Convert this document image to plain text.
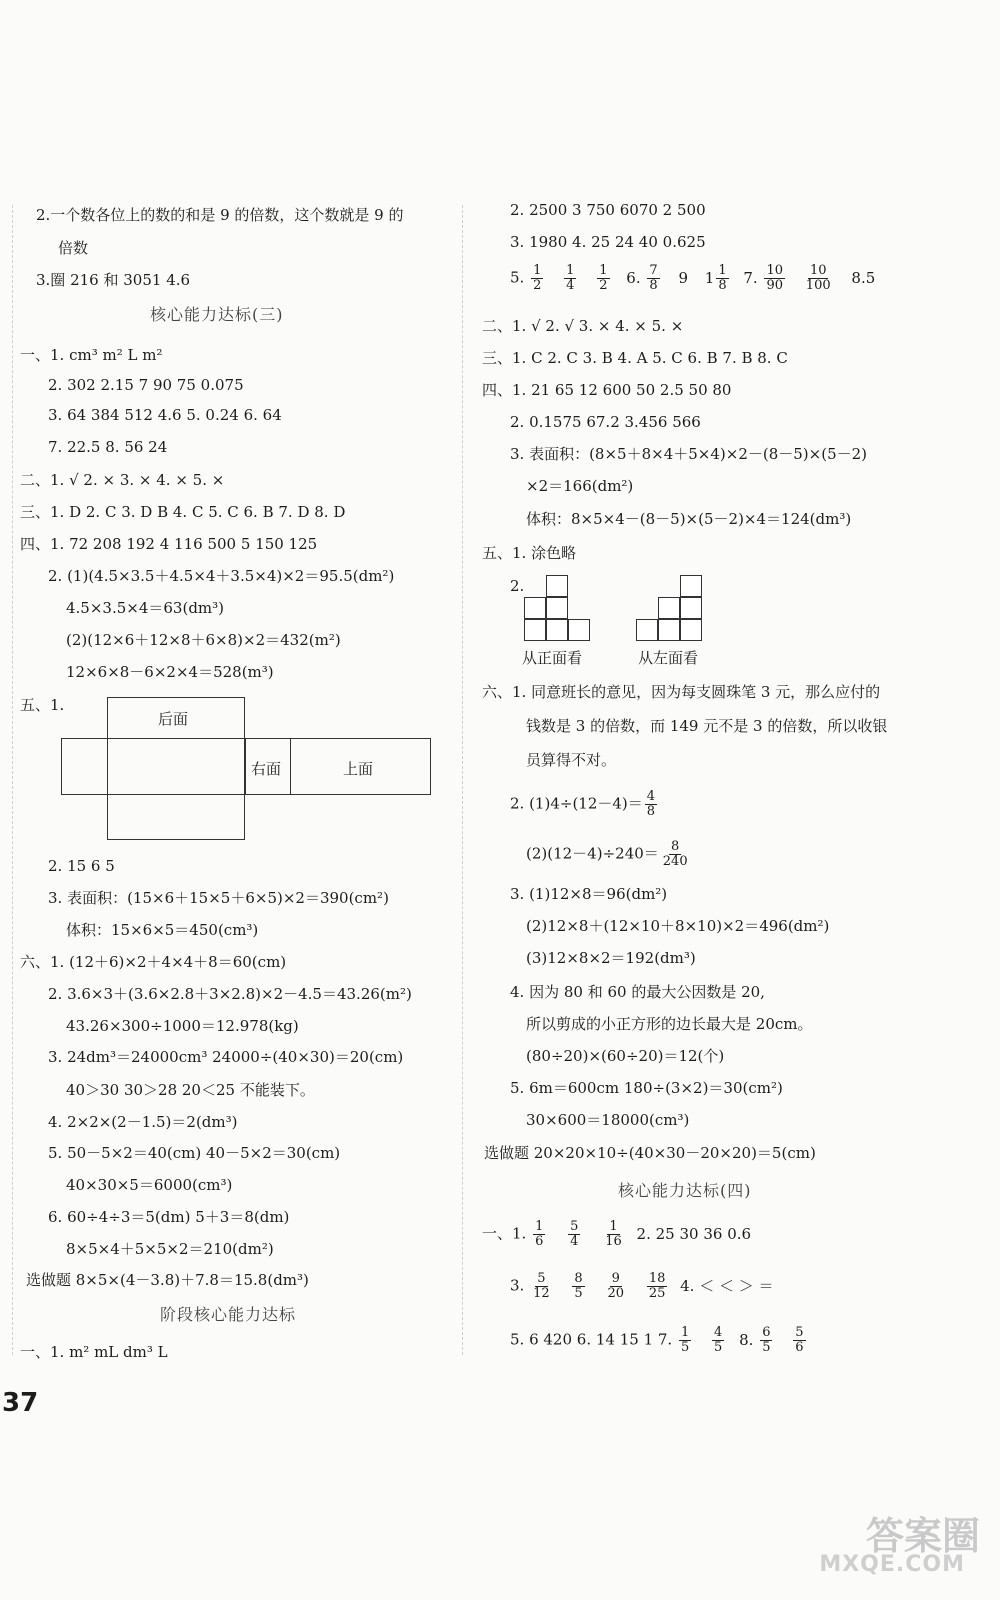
2.一个数各位上的数的和是 9 的倍数，这个数就是 9 的
倍数
3.圈 216 和 3051 4.6
核心能力达标(三)
一、1. cm³ m² L m²
2. 302 2.15 7 90 75 0.075
3. 64 384 512 4.6 5. 0.24 6. 64
7. 22.5 8. 56 24
二、1. √ 2. × 3. × 4. × 5. ×
三、1. D 2. C 3. D B 4. C 5. C 6. B 7. D 8. D
四、1. 72 208 192 4 116 500 5 150 125
2. (1)(4.5×3.5＋4.5×4＋3.5×4)×2＝95.5(dm²)
4.5×3.5×4＝63(dm³)
(2)(12×6＋12×8＋6×8)×2＝432(m²)
12×6×8－6×2×4＝528(m³)
五、1.
后面
右面	上面
2. 15 6 5
3. 表面积：(15×6＋15×5＋6×5)×2＝390(cm²)
体积：15×6×5＝450(cm³)
六、1. (12＋6)×2＋4×4＋8＝60(cm)
2. 3.6×3＋(3.6×2.8＋3×2.8)×2－4.5＝43.26(m²)
43.26×300÷1000＝12.978(kg)
3. 24dm³＝24000cm³ 24000÷(40×30)＝20(cm)
40＞30 30＞28 20＜25 不能装下。
4. 2×2×(2－1.5)＝2(dm³)
5. 50－5×2＝40(cm) 40－5×2＝30(cm)
40×30×5＝6000(cm³)
6. 60÷4÷3＝5(dm) 5＋3＝8(dm)
8×5×4＋5×5×2＝210(dm²)
选做题 8×5×(4－3.8)＋7.8＝15.8(dm³)
阶段核心能力达标
一、1. m² mL dm³ L
37
2. 2500 3 750 6070 2 500
3. 1980 4. 25 24 40 0.625
5. $\frac{1}{2}$
$\frac{1}{4}$
$\frac{1}{2} 6$. $\frac{7}{8} 9$ $1 \frac{1}{8} 7$. $\frac{10}{90}$
$\frac{10}{100} 8.5$
二、1. √ 2. √ 3. × 4. × 5. ×
三、1. C 2. C 3. B 4. A 5. C 6. B 7. B 8. C
四、1. 21 65 12 600 50 2.5 50 80
2. 0.1575 67.2 3.456 566
3. 表面积：(8×5＋8×4＋5×4)×2－(8－5)×(5－2)
×2＝166(dm²)
体积：8×5×4－(8－5)×(5－2)×4＝124(dm³)
五、1. 涂色略
2.
从正面看	从左面看
六、1. 同意班长的意见，因为每支圆珠笔 3 元，那么应付的
钱数是 3 的倍数，而 149 元不是 3 的倍数，所以收银
员算得不对。
2. $(1)4\div(12-4)= \frac{4}{8}$
$(2)(12-4)\div 240= \frac{8}{240}$
3. (1)12×8＝96(dm²)
(2)12×8＋(12×10＋8×10)×2＝496(dm²)
(3)12×8×2＝192(dm³)
4. 因为 80 和 60 的最大公因数是 20,
所以剪成的小正方形的边长最大是 20cm。
(80÷20)×(60÷20)＝12(个)
5. 6m＝600cm 180÷(3×2)＝30(cm²)
30×600＝18000(cm³)
选做题 20×20×10÷(40×30－20×20)＝5(cm)
核心能力达标(四)
一、1. $\frac{1}{6}$
$\frac{5}{4}$
$\frac{1}{16} 2$. 25 30 36 0.6
3. $\frac{5}{12}$
$\frac{8}{5}$
$\frac{9}{20}$
$\frac{18}{25} 4$. ＜ ＜ ＞ ＝
5. 6 420 6. 14 15 1 7. $\frac{1}{5}$
$\frac{4}{5} 8$. $\frac{6}{5}$
$\frac{5}{6}$
答案圈
MXQE.COM
